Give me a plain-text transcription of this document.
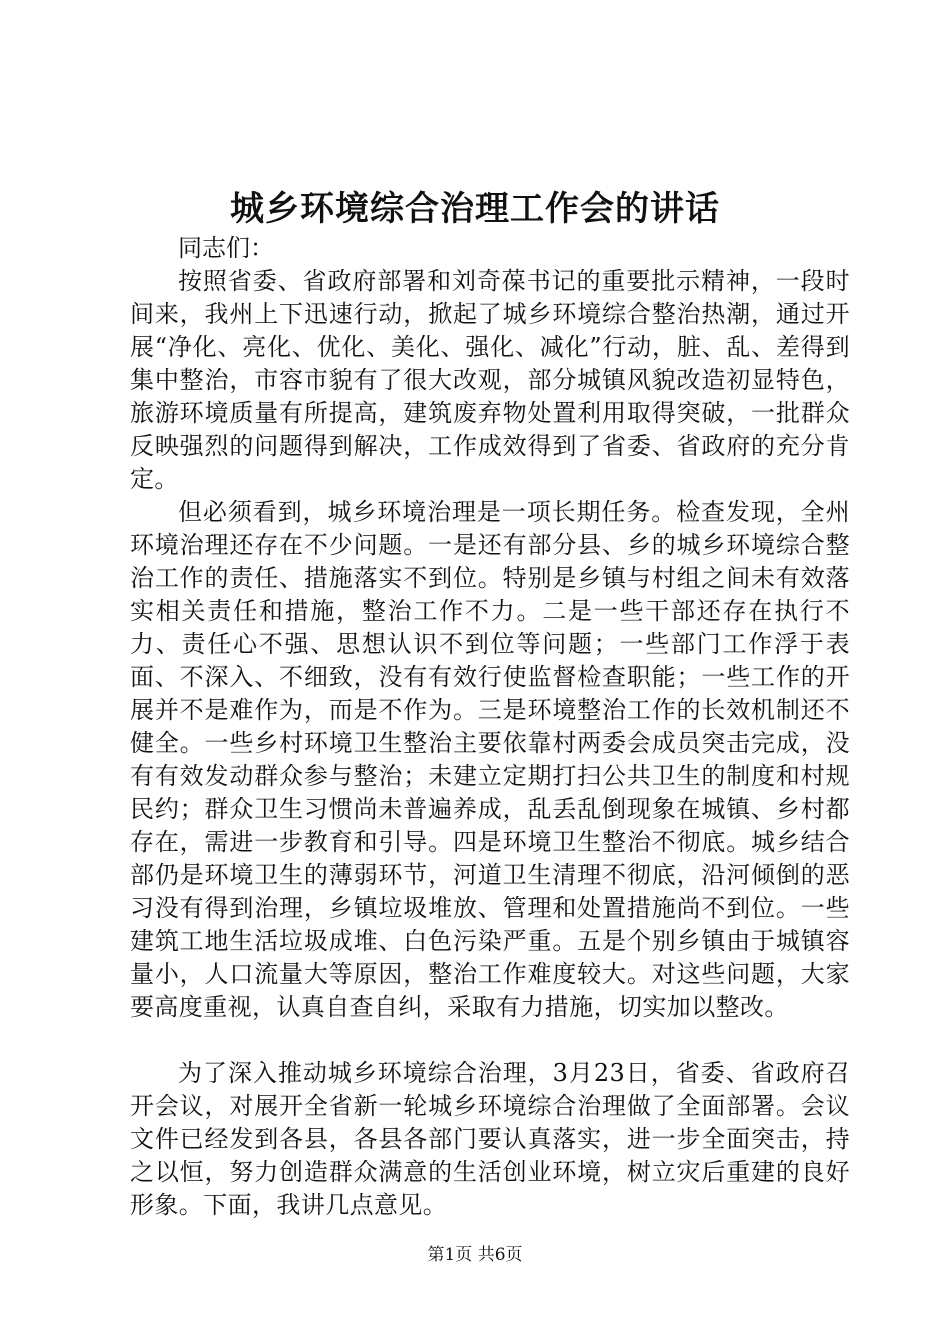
城乡环境综合治理工作会的讲话

同志们：

按照省委、省政府部署和刘奇葆书记的重要批示精神，一段时间来，我州上下迅速行动，掀起了城乡环境综合整治热潮，通过开展“净化、亮化、优化、美化、强化、减化”行动，脏、乱、差得到集中整治，市容市貌有了很大改观，部分城镇风貌改造初显特色，旅游环境质量有所提高，建筑废弃物处置利用取得突破，一批群众反映强烈的问题得到解决，工作成效得到了省委、省政府的充分肯定。

但必须看到，城乡环境治理是一项长期任务。检查发现，全州环境治理还存在不少问题。一是还有部分县、乡的城乡环境综合整治工作的责任、措施落实不到位。特别是乡镇与村组之间未有效落实相关责任和措施，整治工作不力。二是一些干部还存在执行不力、责任心不强、思想认识不到位等问题；一些部门工作浮于表面、不深入、不细致，没有有效行使监督检查职能；一些工作的开展并不是难作为，而是不作为。三是环境整治工作的长效机制还不健全。一些乡村环境卫生整治主要依靠村两委会成员突击完成，没有有效发动群众参与整治；未建立定期打扫公共卫生的制度和村规民约；群众卫生习惯尚未普遍养成，乱丢乱倒现象在城镇、乡村都存在，需进一步教育和引导。四是环境卫生整治不彻底。城乡结合部仍是环境卫生的薄弱环节，河道卫生清理不彻底，沿河倾倒的恶习没有得到治理，乡镇垃圾堆放、管理和处置措施尚不到位。一些建筑工地生活垃圾成堆、白色污染严重。五是个别乡镇由于城镇容量小，人口流量大等原因，整治工作难度较大。对这些问题，大家要高度重视，认真自查自纠，采取有力措施，切实加以整改。

为了深入推动城乡环境综合治理，3月23日，省委、省政府召开会议，对展开全省新一轮城乡环境综合治理做了全面部署。会议文件已经发到各县，各县各部门要认真落实，进一步全面突击，持之以恒，努力创造群众满意的生活创业环境，树立灾后重建的良好形象。下面，我讲几点意见。

第1页 共6页
